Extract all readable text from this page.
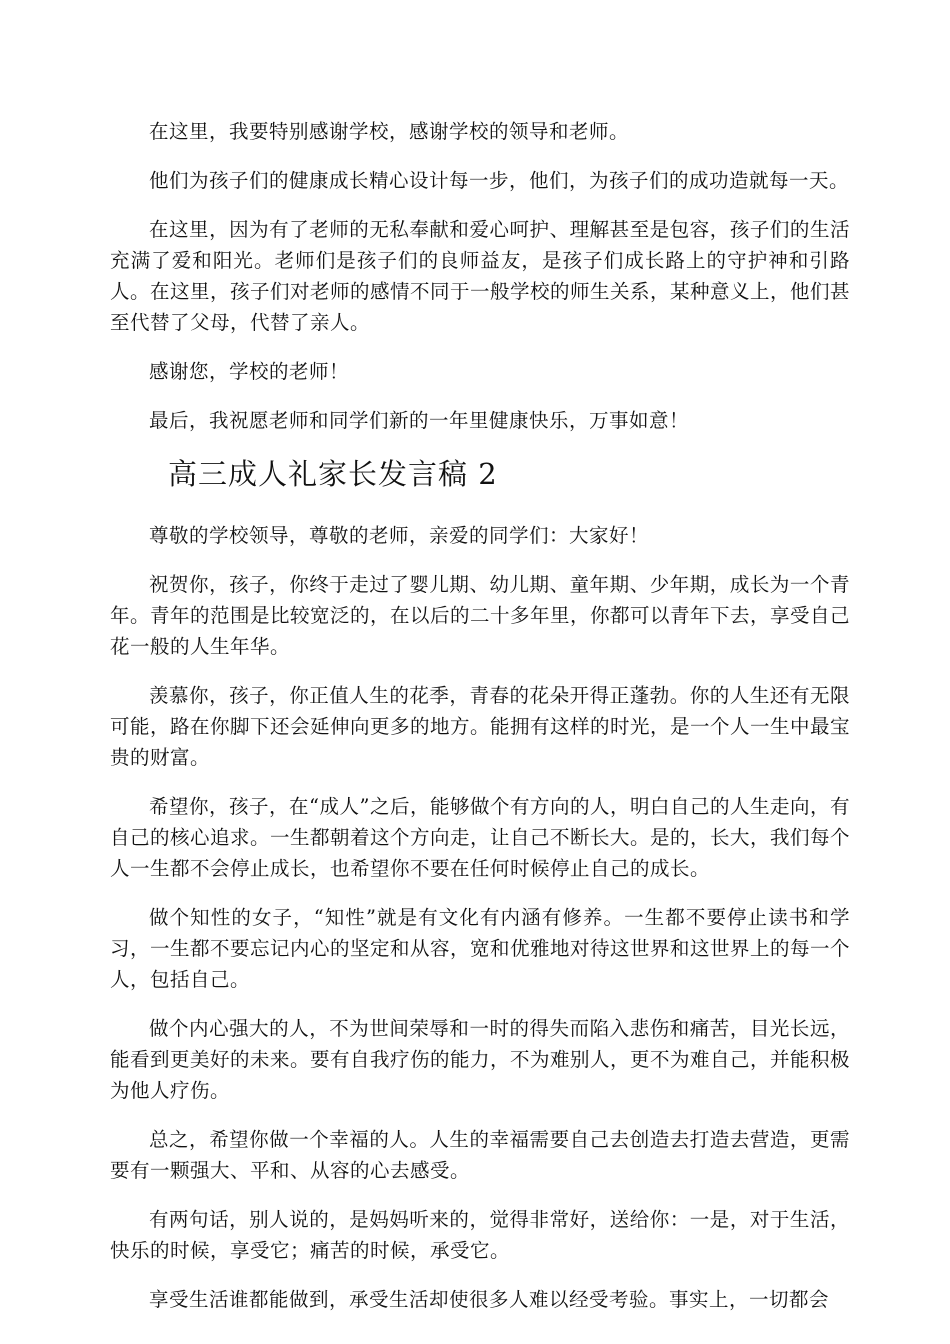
在这里，我要特别感谢学校，感谢学校的领导和老师。

他们为孩子们的健康成长精心设计每一步，他们，为孩子们的成功造就每一天。

在这里，因为有了老师的无私奉献和爱心呵护、理解甚至是包容，孩子们的生活充满了爱和阳光。老师们是孩子们的良师益友，是孩子们成长路上的守护神和引路人。在这里，孩子们对老师的感情不同于一般学校的师生关系，某种意义上，他们甚至代替了父母，代替了亲人。

感谢您，学校的老师！

最后，我祝愿老师和同学们新的一年里健康快乐，万事如意！

高三成人礼家长发言稿 2

尊敬的学校领导，尊敬的老师，亲爱的同学们：大家好！

祝贺你，孩子，你终于走过了婴儿期、幼儿期、童年期、少年期，成长为一个青年。青年的范围是比较宽泛的，在以后的二十多年里，你都可以青年下去，享受自己花一般的人生年华。

羡慕你，孩子，你正值人生的花季，青春的花朵开得正蓬勃。你的人生还有无限可能，路在你脚下还会延伸向更多的地方。能拥有这样的时光，是一个人一生中最宝贵的财富。

希望你，孩子，在“成人”之后，能够做个有方向的人，明白自己的人生走向，有自己的核心追求。一生都朝着这个方向走，让自己不断长大。是的，长大，我们每个人一生都不会停止成长，也希望你不要在任何时候停止自己的成长。

做个知性的女子，“知性”就是有文化有内涵有修养。一生都不要停止读书和学习，一生都不要忘记内心的坚定和从容，宽和优雅地对待这世界和这世界上的每一个人，包括自己。

做个内心强大的人，不为世间荣辱和一时的得失而陷入悲伤和痛苦，目光长远，能看到更美好的未来。要有自我疗伤的能力，不为难别人，更不为难自己，并能积极为他人疗伤。

总之，希望你做一个幸福的人。人生的幸福需要自己去创造去打造去营造，更需要有一颗强大、平和、从容的心去感受。

有两句话，别人说的，是妈妈听来的，觉得非常好，送给你：一是，对于生活，快乐的时候，享受它；痛苦的时候，承受它。

享受生活谁都能做到，承受生活却使很多人难以经受考验。事实上，一切都会
